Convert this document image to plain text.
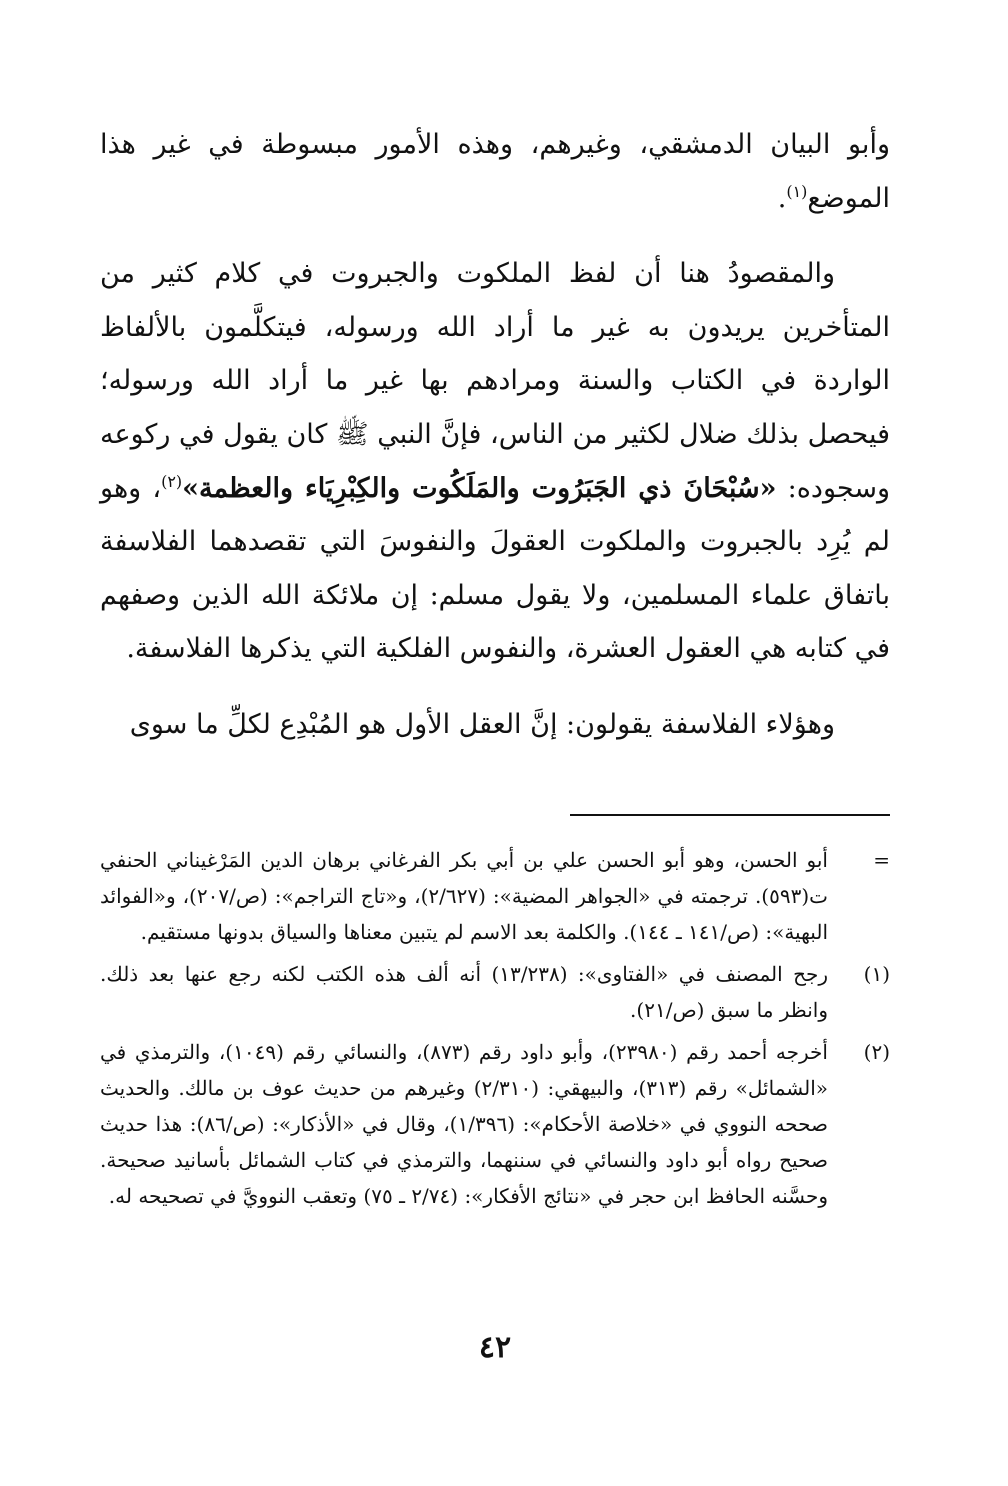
وأبو البيان الدمشقي، وغيرهم، وهذه الأمور مبسوطة في غير هذا الموضع$^{(١)}$.

والمقصودُ هنا أن لفظ الملكوت والجبروت في كلام كثير من المتأخرين يريدون به غير ما أراد الله ورسوله، فيتكلَّمون بالألفاظ الواردة في الكتاب والسنة ومرادهم بها غير ما أراد الله ورسوله؛ فيحصل بذلك ضلال لكثير من الناس، فإنَّ النبي ﷺ كان يقول في ركوعه وسجوده: «سُبْحَانَ ذي الجَبَرُوت والمَلَكُوت والكِبْرِيَاء والعظمة»$^{(٢)}$، وهو لم يُرِد بالجبروت والملكوت العقولَ والنفوسَ التي تقصدهما الفلاسفة باتفاق علماء المسلمين، ولا يقول مسلم: إن ملائكة الله الذين وصفهم في كتابه هي العقول العشرة، والنفوس الفلكية التي يذكرها الفلاسفة.

وهؤلاء الفلاسفة يقولون: إنَّ العقل الأول هو المُبْدِع لكلِّ ما سوى

=
أبو الحسن، وهو أبو الحسن علي بن أبي بكر الفرغاني برهان الدين المَرْغيناني الحنفي ت(٥٩٣). ترجمته في «الجواهر المضية»: (٢/٦٢٧)، و«تاج التراجم»: (ص/٢٠٧)، و«الفوائد البهية»: (ص/١٤١ ـ ١٤٤). والكلمة بعد الاسم لم يتبين معناها والسياق بدونها مستقيم.

(١)
رجح المصنف في «الفتاوى»: (١٣/٢٣٨) أنه ألف هذه الكتب لكنه رجع عنها بعد ذلك. وانظر ما سبق (ص/٢١).

(٢)
أخرجه أحمد رقم (٢٣٩٨٠)، وأبو داود رقم (٨٧٣)، والنسائي رقم (١٠٤٩)، والترمذي في «الشمائل» رقم (٣١٣)، والبيهقي: (٢/٣١٠) وغيرهم من حديث عوف بن مالك. والحديث صححه النووي في «خلاصة الأحكام»: (١/٣٩٦)، وقال في «الأذكار»: (ص/٨٦): هذا حديث صحيح رواه أبو داود والنسائي في سننهما، والترمذي في كتاب الشمائل بأسانيد صحيحة. وحسَّنه الحافظ ابن حجر في «نتائج الأفكار»: (٢/٧٤ ـ ٧٥) وتعقب النوويَّ في تصحيحه له.

٤٢
